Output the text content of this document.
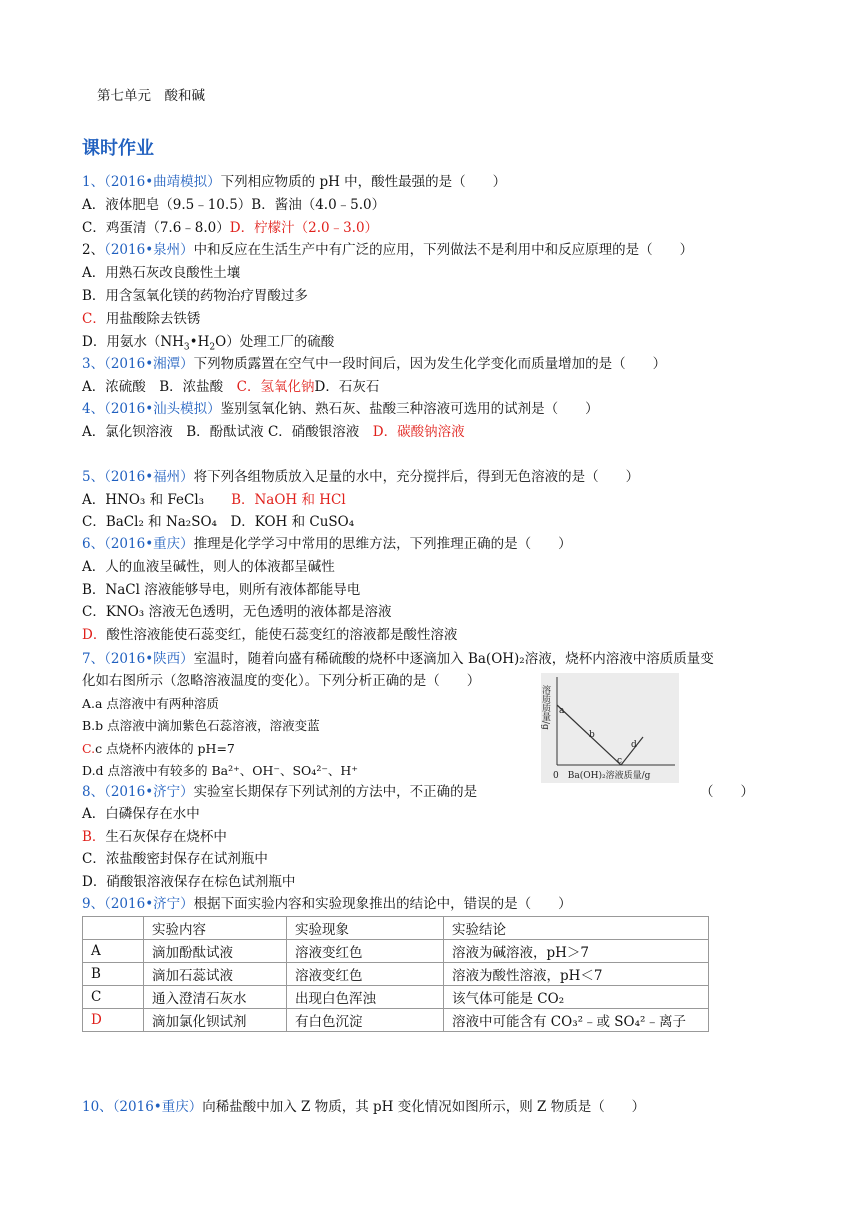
第七单元　酸和碱
课时作业
1、（2016•曲靖模拟）下列相应物质的 pH 中，酸性最强的是（　　）
A．液体肥皂（9.5﹣10.5）B．酱油（4.0﹣5.0）
C．鸡蛋清（7.6﹣8.0）D．柠檬汁（2.0﹣3.0）
2、（2016•泉州）中和反应在生活生产中有广泛的应用，下列做法不是利用中和反应原理的是（　　）
A．用熟石灰改良酸性土壤
B．用含氢氧化镁的药物治疗胃酸过多
C．用盐酸除去铁锈
D．用氨水$(NH_3•H_2O)$处理工厂的硫酸
3、（2016•湘潭）下列物质露置在空气中一段时间后，因为发生化学变化而质量增加的是（　　）
A．浓硫酸　B．浓盐酸　 C．氢氧化钠D．石灰石
4、（2016•汕头模拟）鉴别氢氧化钠、熟石灰、盐酸三种溶液可选用的试剂是（　　）
A．氯化钡溶液　B．酚酞试液 C．硝酸银溶液　 D．碳酸钠溶液
5、（2016•福州）将下列各组物质放入足量的水中，充分搅拌后，得到无色溶液的是（　　）
A．HNO₃ 和 FeCl₃　　 B．NaOH 和 HCl
C．BaCl₂ 和 Na₂SO₄　D．KOH 和 CuSO₄
6、（2016•重庆）推理是化学学习中常用的思维方法，下列推理正确的是（　　）
A．人的血液呈碱性，则人的体液都呈碱性
B．NaCl 溶液能够导电，则所有液体都能导电
C．KNO₃ 溶液无色透明，无色透明的液体都是溶液
D．酸性溶液能使石蕊变红，能使石蕊变红的溶液都是酸性溶液
7、（2016•陕西）室温时，随着向盛有稀硫酸的烧杯中逐滴加入 Ba(OH)₂溶液，烧杯内溶液中溶质质量变
化如右图所示（忽略溶液温度的变化）。下列分析正确的是（　　）
A.a 点溶液中有两种溶质
B.b 点溶液中滴加紫色石蕊溶液，溶液变蓝
C.c 点烧杯内液体的 pH=7
D.d 点溶液中有较多的 Ba²⁺、OH⁻、SO₄²⁻、H⁺
溶质质量/g a
b
c
d
0　Ba(OH)₂溶液质量/g
8、（2016•济宁）实验室长期保存下列试剂的方法中，不正确的是	（　　）
A．白磷保存在水中
B．生石灰保存在烧杯中
C．浓盐酸密封保存在试剂瓶中
D．硝酸银溶液保存在棕色试剂瓶中
9、（2016•济宁）根据下面实验内容和实验现象推出的结论中，错误的是（　　）
	实验内容	实验现象	实验结论
A	滴加酚酞试液	溶液变红色	溶液为碱溶液，pH＞7
B	滴加石蕊试液	溶液变红色	溶液为酸性溶液，pH＜7
C	通入澄清石灰水	出现白色浑浊	该气体可能是 CO₂
D	滴加氯化钡试剂	有白色沉淀	溶液中可能含有 CO₃²﹣或 SO₄²﹣离子
10、（2016•重庆）向稀盐酸中加入 Z 物质，其 pH 变化情况如图所示，则 Z 物质是（　　）
